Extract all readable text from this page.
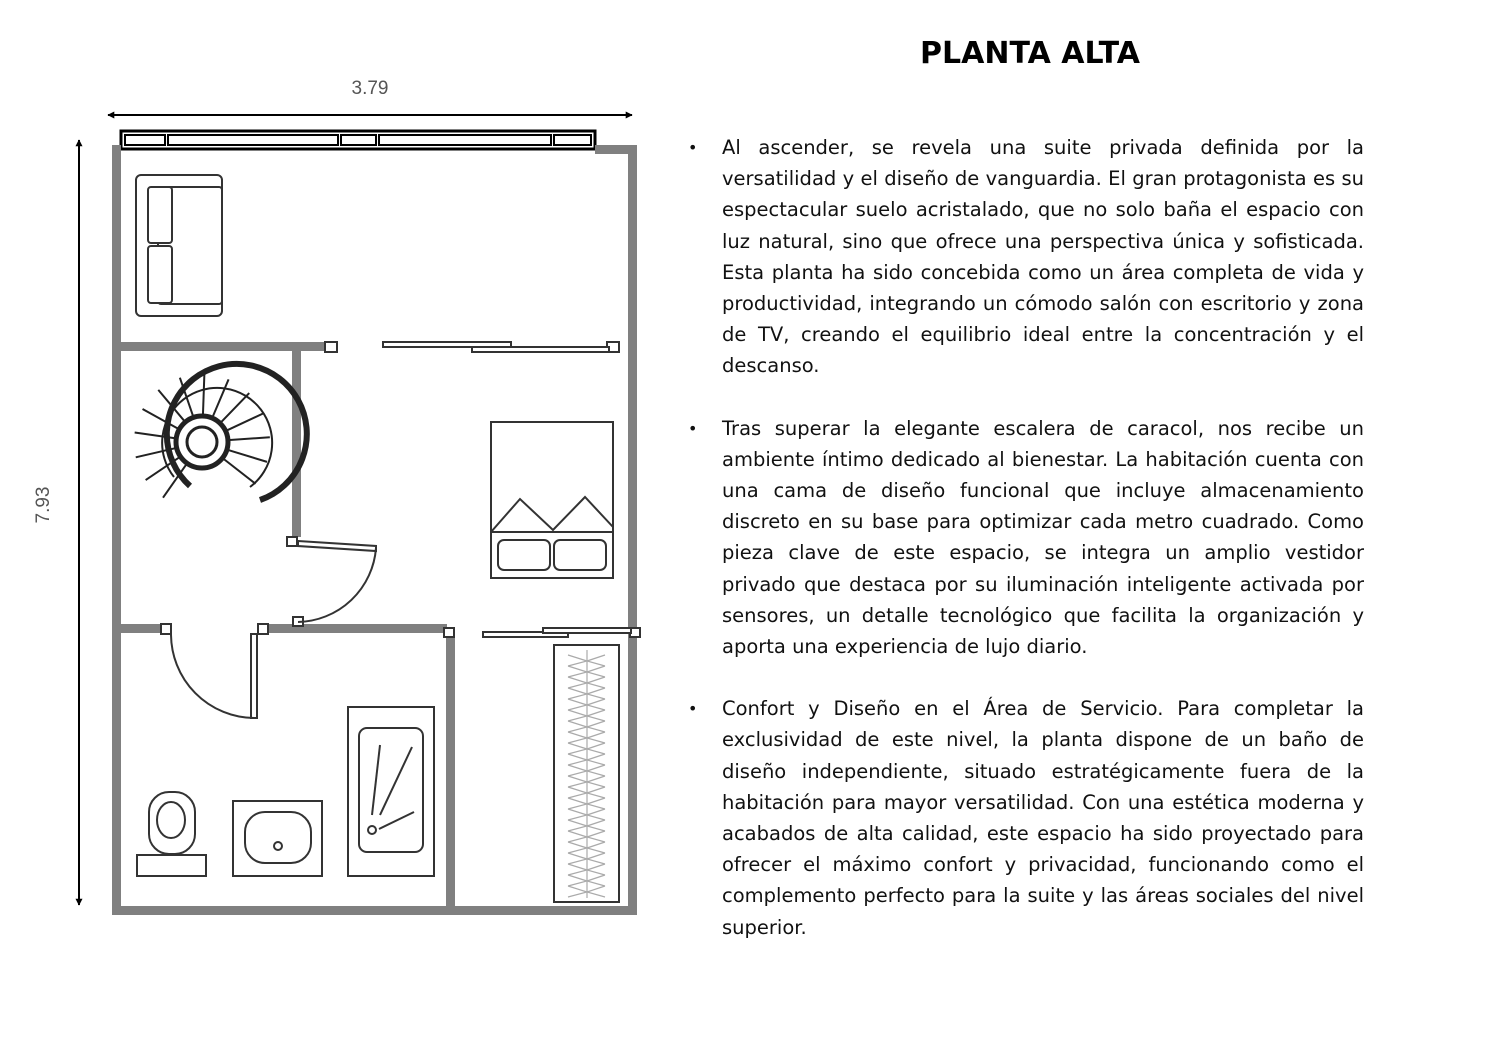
3.79
7.93
PLANTA ALTA
• Al ascender, se revela una suite privada definida por la versatilidad y el diseño de vanguardia. El gran protagonista es su espectacular suelo acristalado, que no solo baña el espacio con luz natural, sino que ofrece una perspectiva única y sofisticada. Esta planta ha sido concebida como un área completa de vida y productividad, integrando un cómodo salón con escritorio y zona de TV, creando el equilibrio ideal entre la concentración y el descanso.
• Tras superar la elegante escalera de caracol, nos recibe un ambiente íntimo dedicado al bienestar. La habitación cuenta con una cama de diseño funcional que incluye almacenamiento discreto en su base para optimizar cada metro cuadrado. Como pieza clave de este espacio, se integra un amplio vestidor privado que destaca por su iluminación inteligente activada por sensores, un detalle tecnológico que facilita la organización y aporta una experiencia de lujo diario.
• Confort y Diseño en el Área de Servicio. Para completar la exclusividad de este nivel, la planta dispone de un baño de diseño independiente, situado estratégicamente fuera de la habitación para mayor versatilidad. Con una estética moderna y acabados de alta calidad, este espacio ha sido proyectado para ofrecer el máximo confort y privacidad, funcionando como el complemento perfecto para la suite y las áreas sociales del nivel superior.
